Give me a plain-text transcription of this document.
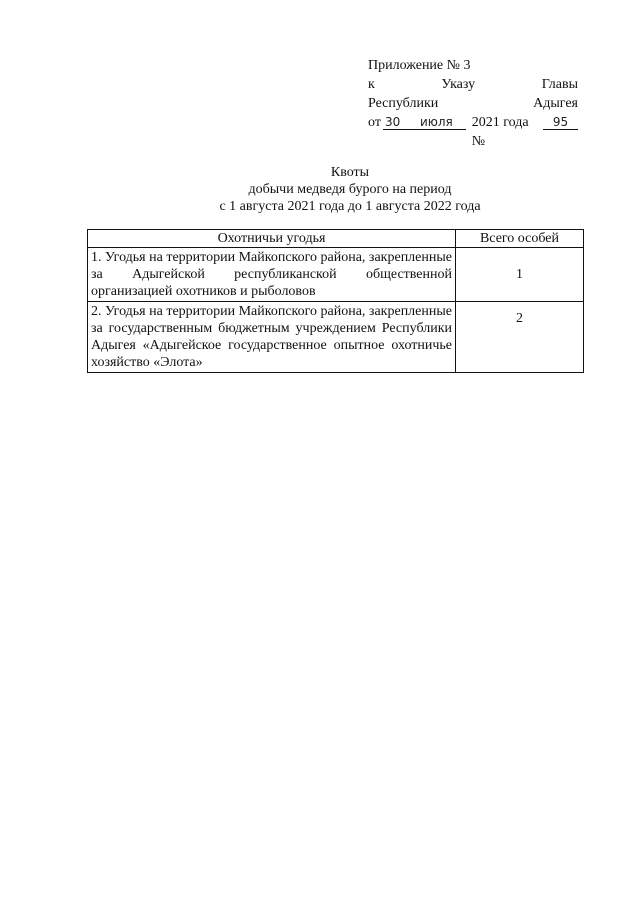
Приложение № 3
к	Указу	Главы
Республики	Адыгея
от 30	июля	2021 года №
95
Квоты
добычи медведя бурого на период
с 1 августа 2021 года до 1 августа 2022 года
Охотничьи угодья	Всего особей
1. Угодья на территории Майкопского района, закрепленные за Адыгейской республиканской общественной организацией охотников и рыболовов	1
2. Угодья на территории Майкопского района, закрепленные за государственным бюджетным учреждением Республики Адыгея «Адыгейское государственное опытное охотничье хозяйство «Элота»	2
